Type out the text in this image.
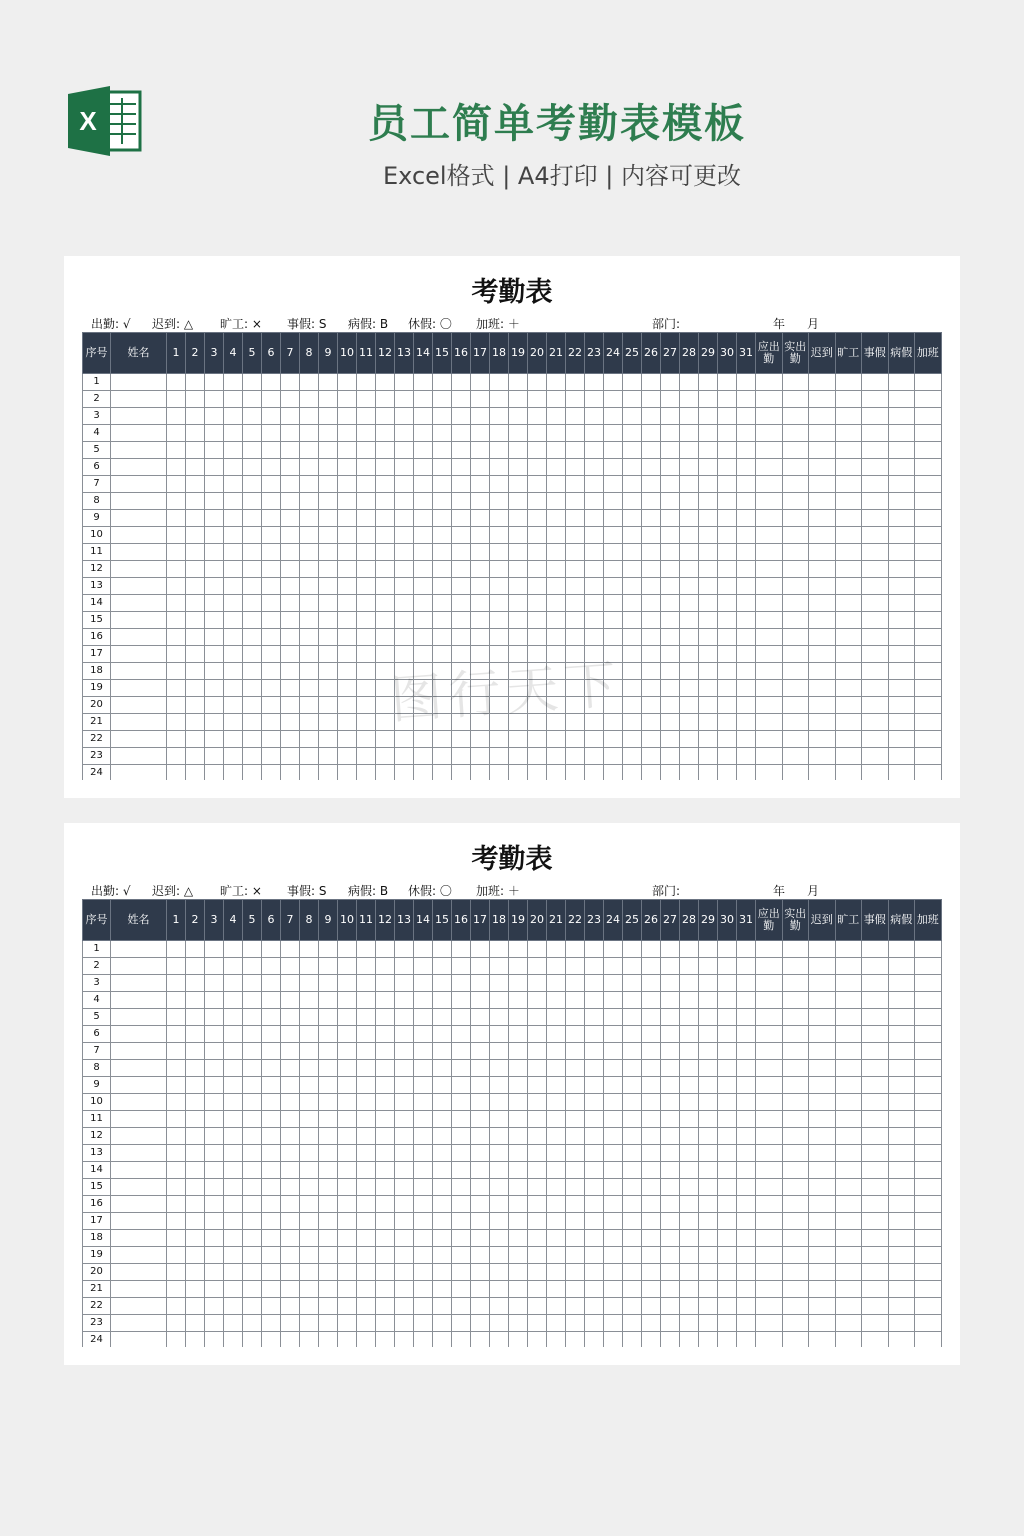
X	员工简单考勤表模板
Excel格式 | A4打印 | 内容可更改
考勤表
出勤: √ 迟到: △ 旷工: × 事假: S 病假: B 休假: 〇 加班: ＋	部门:	年 月
序号	姓名	1	2	3	4	5	6	7	8	9	10	11	12	13	14	15	16	17	18	19	20	21	22	23	24	25	26	27	28	29	30	31	应出勤	实出勤	迟到	旷工	事假	病假	加班
1																																							
2																																							
3																																							
4																																							
5																																							
6																																							
7																																							
8																																							
9																																							
10																																							
11																																							
12																																							
13																																							
14																																							
15																																							
16																																							
17																																							
18																																							
19																																							
20																																							
21																																							
22																																							
23																																							
24																																							
考勤表
出勤: √ 迟到: △ 旷工: × 事假: S 病假: B 休假: 〇 加班: ＋	部门:	年 月
序号	姓名	1	2	3	4	5	6	7	8	9	10	11	12	13	14	15	16	17	18	19	20	21	22	23	24	25	26	27	28	29	30	31	应出勤	实出勤	迟到	旷工	事假	病假	加班
1																																							
2																																							
3																																							
4																																							
5																																							
6																																							
7																																							
8																																							
9																																							
10																																							
11																																							
12																																							
13																																							
14																																							
15																																							
16																																							
17																																							
18																																							
19																																							
20																																							
21																																							
22																																							
23																																							
24																																							
图行天下
